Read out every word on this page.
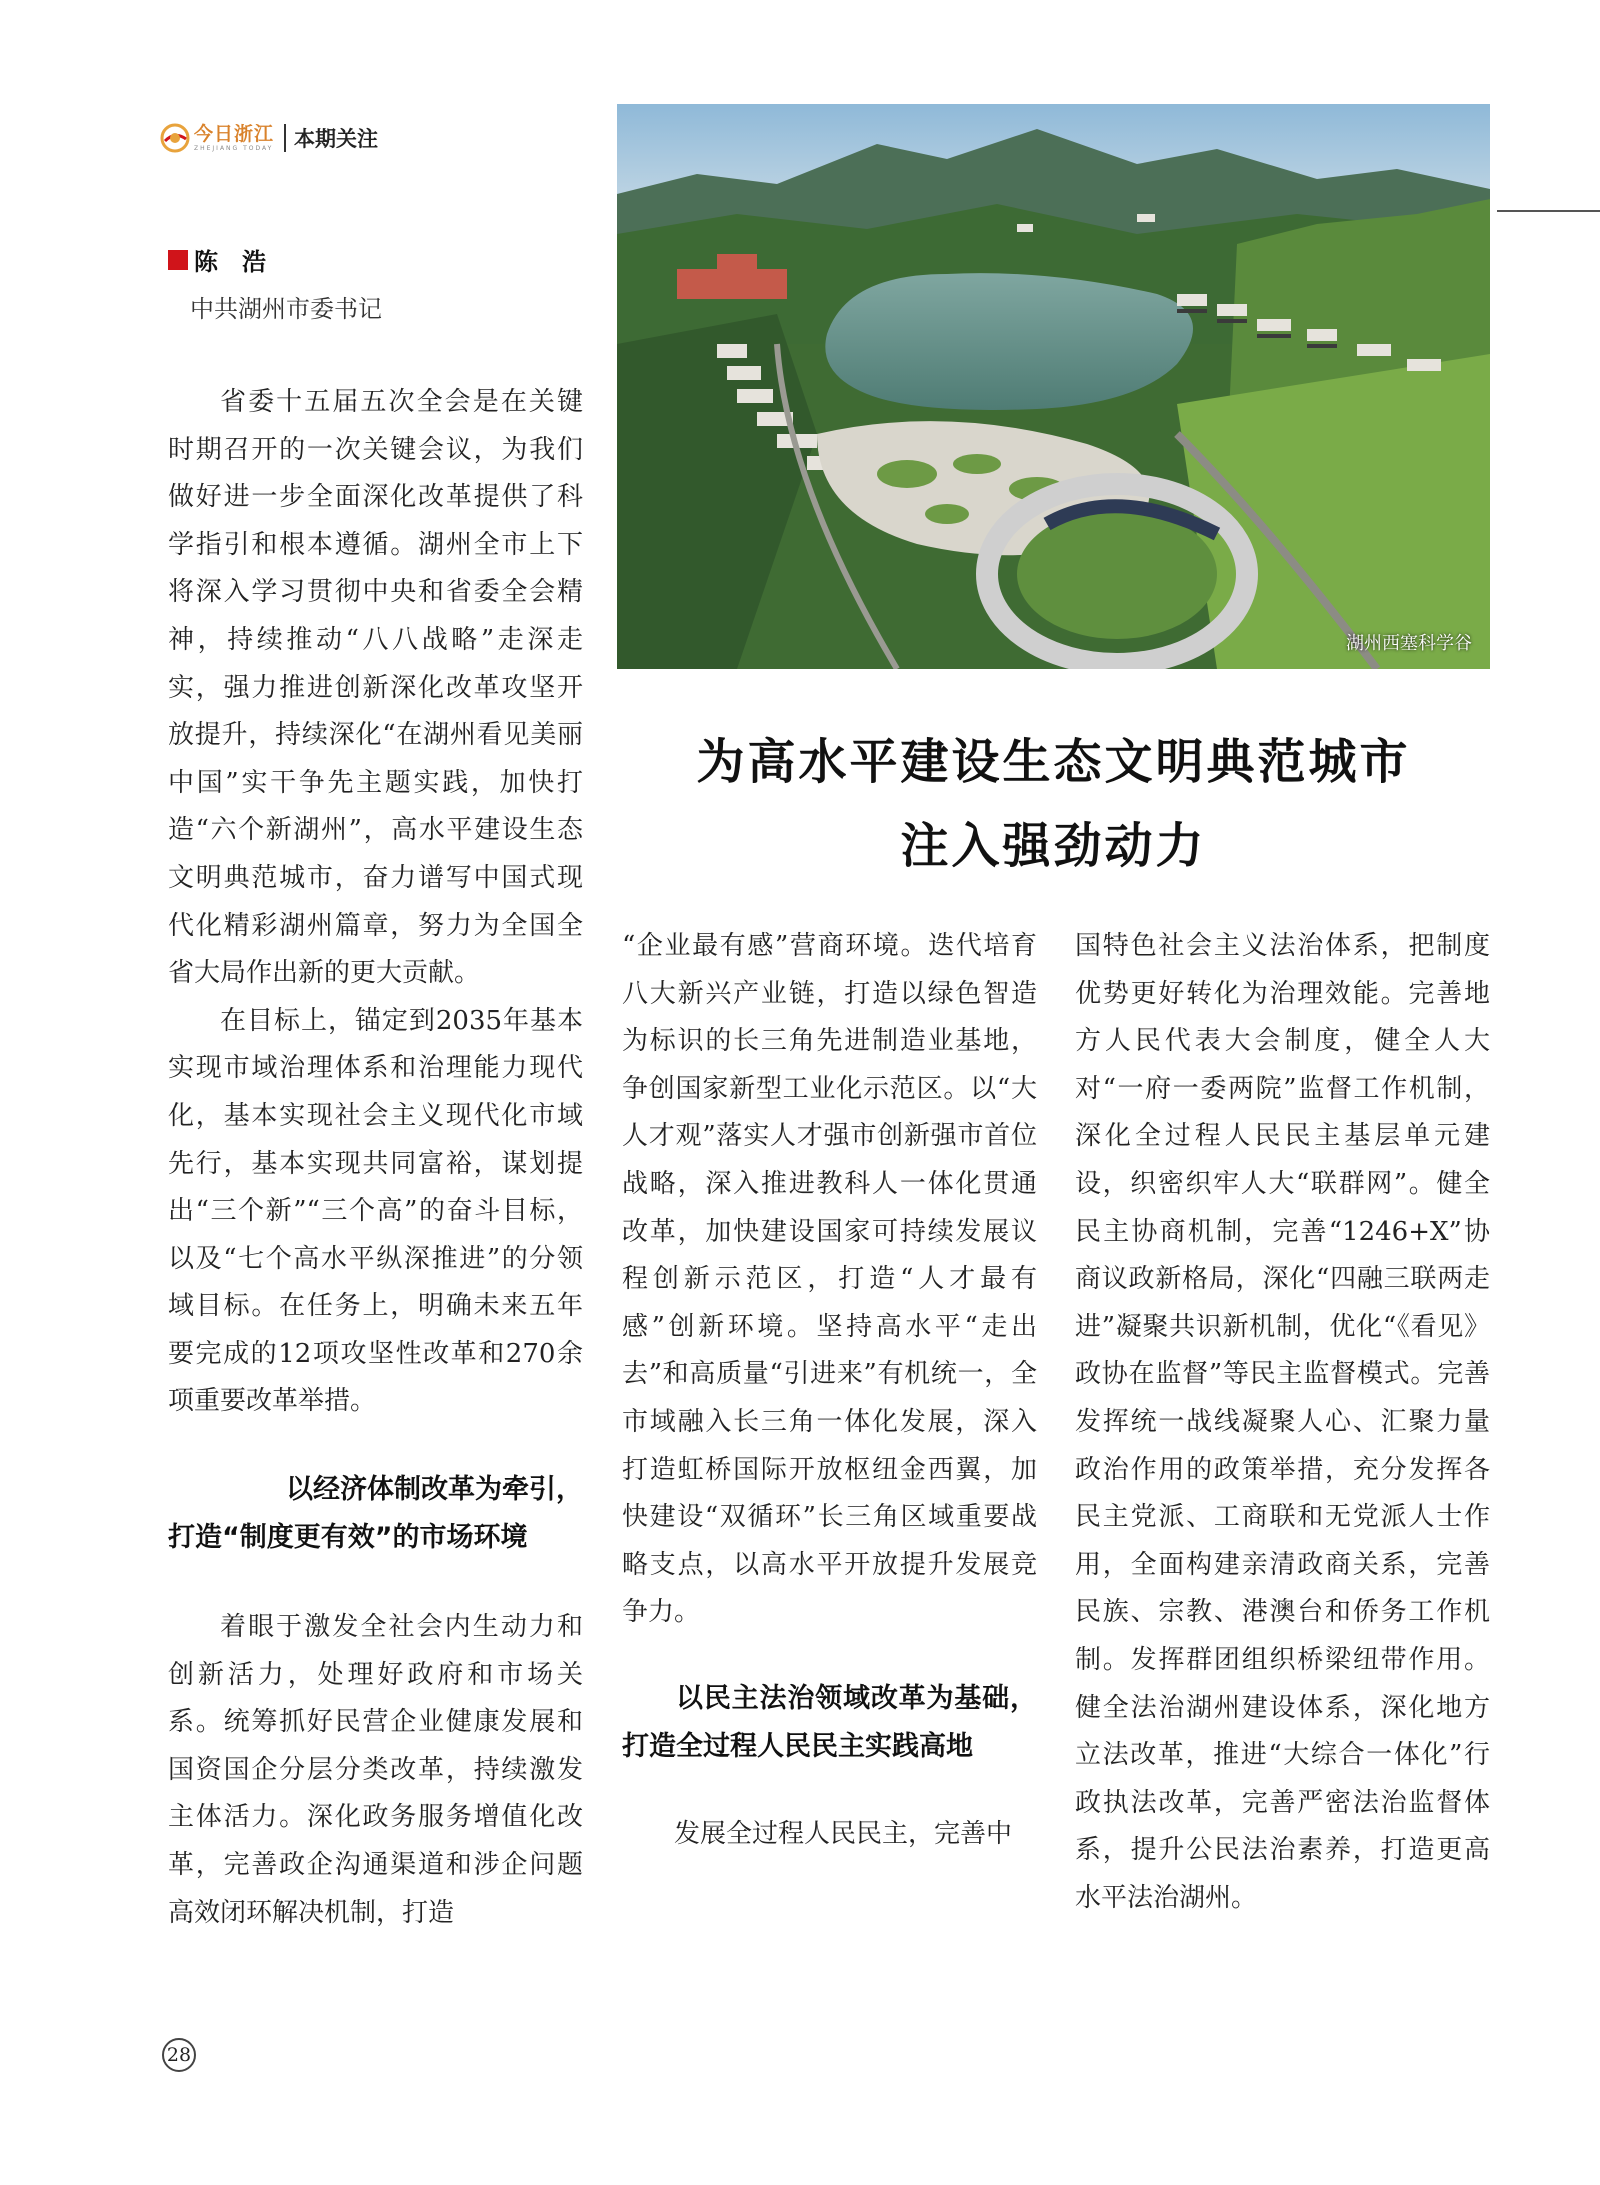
今日浙江
ZHEJIANG TODAY 本期关注
陈　浩
中共湖州市委书记
湖州西塞科学谷
为高水平建设生态文明典范城市
注入强劲动力

省委十五届五次全会是在关键时期召开的一次关键会议，为我们做好进一步全面深化改革提供了科学指引和根本遵循。湖州全市上下将深入学习贯彻中央和省委全会精神，持续推动“八八战略”走深走实，强力推进创新深化改革攻坚开放提升，持续深化“在湖州看见美丽中国”实干争先主题实践，加快打造“六个新湖州”，高水平建设生态文明典范城市，奋力谱写中国式现代化精彩湖州篇章，努力为全国全省大局作出新的更大贡献。

在目标上，锚定到2035年基本实现市域治理体系和治理能力现代化，基本实现社会主义现代化市域先行，基本实现共同富裕，谋划提出“三个新”“三个高”的奋斗目标，以及“七个高水平纵深推进”的分领域目标。在任务上，明确未来五年要完成的12项攻坚性改革和270余项重要改革举措。

以经济体制改革为牵引，
打造“制度更有效”的市场环境

着眼于激发全社会内生动力和创新活力，处理好政府和市场关系。统筹抓好民营企业健康发展和国资国企分层分类改革，持续激发主体活力。深化政务服务增值化改革，完善政企沟通渠道和涉企问题高效闭环解决机制，打造

“企业最有感”营商环境。迭代培育八大新兴产业链，打造以绿色智造为标识的长三角先进制造业基地，争创国家新型工业化示范区。以“大人才观”落实人才强市创新强市首位战略，深入推进教科人一体化贯通改革，加快建设国家可持续发展议程创新示范区，打造“人才最有感”创新环境。坚持高水平“走出去”和高质量“引进来”有机统一，全市域融入长三角一体化发展，深入打造虹桥国际开放枢纽金西翼，加快建设“双循环”长三角区域重要战略支点，以高水平开放提升发展竞争力。

以民主法治领域改革为基础，打造全过程人民民主实践高地

发展全过程人民民主，完善中

国特色社会主义法治体系，把制度优势更好转化为治理效能。完善地方人民代表大会制度，健全人大对“一府一委两院”监督工作机制，深化全过程人民民主基层单元建设，织密织牢人大“联群网”。健全民主协商机制，完善“1246+X”协商议政新格局，深化“四融三联两走进”凝聚共识新机制，优化“《看见》政协在监督”等民主监督模式。完善发挥统一战线凝聚人心、汇聚力量政治作用的政策举措，充分发挥各民主党派、工商联和无党派人士作用，全面构建亲清政商关系，完善民族、宗教、港澳台和侨务工作机制。发挥群团组织桥梁纽带作用。健全法治湖州建设体系，深化地方立法改革，推进“大综合一体化”行政执法改革，完善严密法治监督体系，提升公民法治素养，打造更高水平法治湖州。

28
